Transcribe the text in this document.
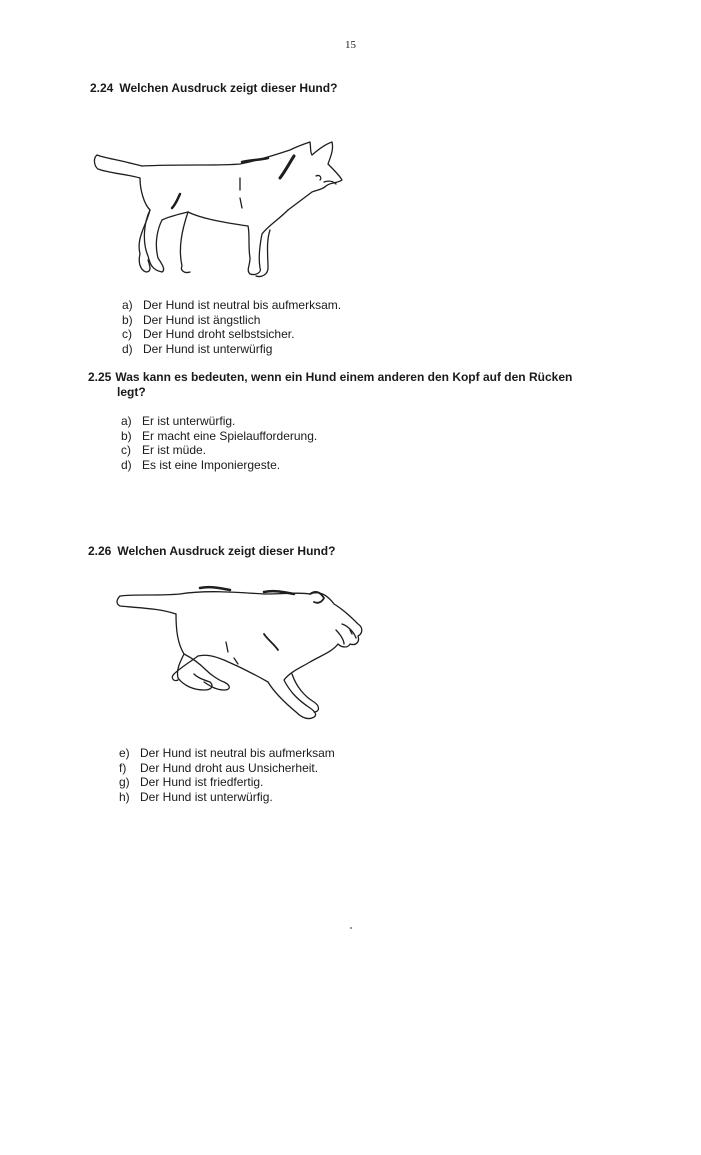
15
2.24 Welchen Ausdruck zeigt dieser Hund?
a) Der Hund ist neutral bis aufmerksam.
b) Der Hund ist ängstlich
c) Der Hund droht selbstsicher.
d) Der Hund ist unterwürfig
2.25 Was kann es bedeuten, wenn ein Hund einem anderen den Kopf auf den Rücken
legt?
a) Er ist unterwürfig.
b) Er macht eine Spielaufforderung.
c) Er ist müde.
d) Es ist eine Imponiergeste.
2.26 Welchen Ausdruck zeigt dieser Hund?
e) Der Hund ist neutral bis aufmerksam
f) Der Hund droht aus Unsicherheit.
g) Der Hund ist friedfertig.
h) Der Hund ist unterwürfig.
